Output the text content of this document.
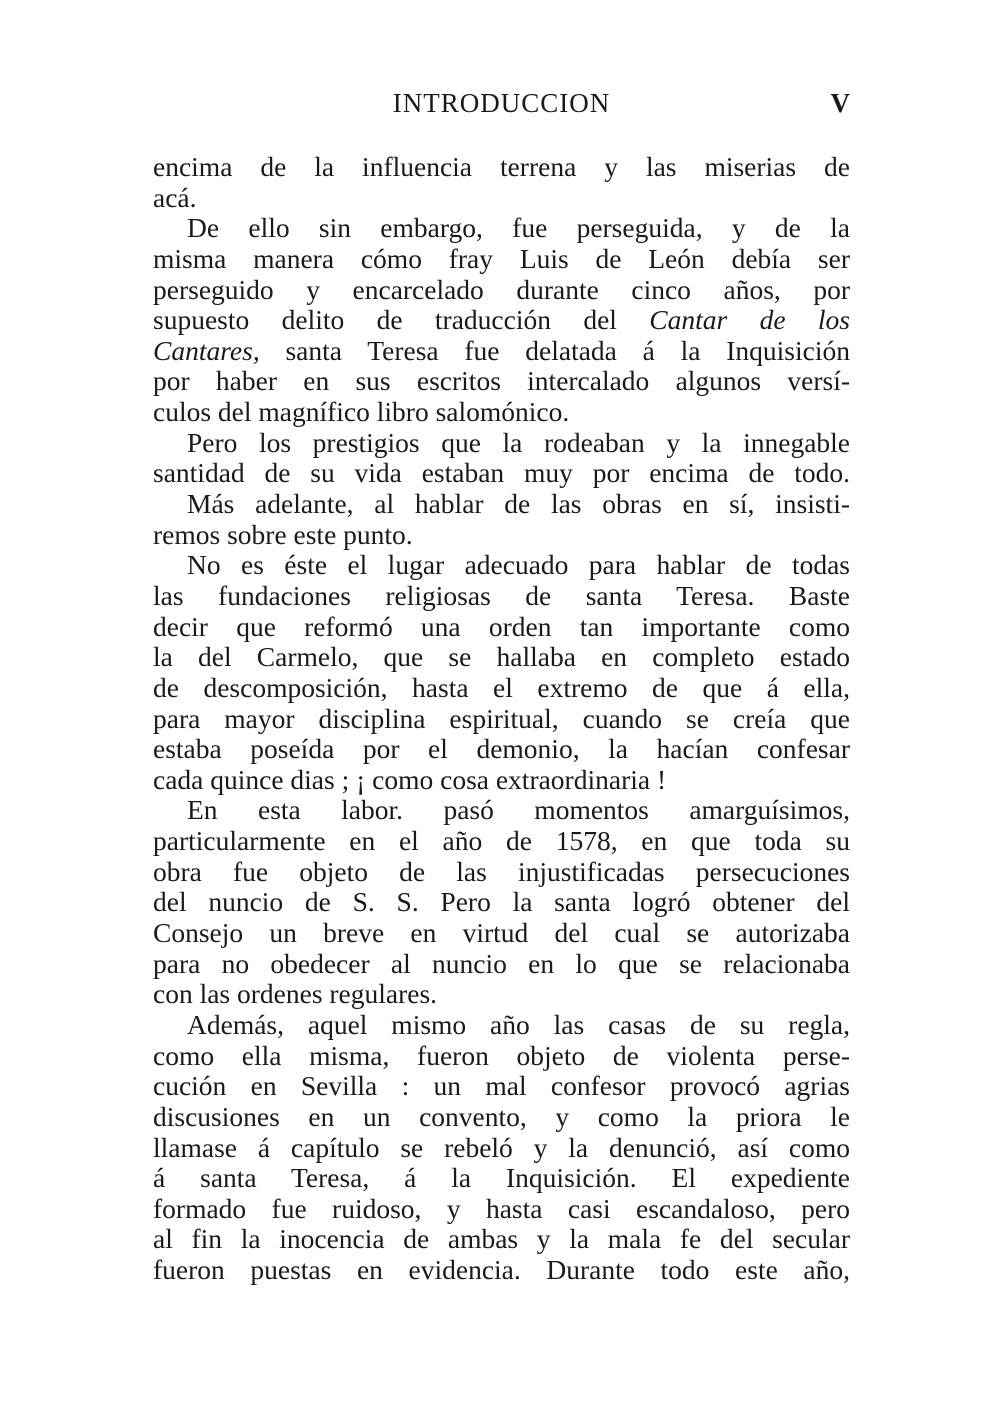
INTRODUCCION	V
encima de la influencia terrena y las miserias de
acá.
De ello sin embargo, fue perseguida, y de la
misma manera cómo fray Luis de León debía ser
perseguido y encarcelado durante cinco años, por
supuesto delito de traducción del Cantar de los
Cantares, santa Teresa fue delatada á la Inquisición
por haber en sus escritos intercalado algunos versí-
culos del magnífico libro salomónico.
Pero los prestigios que la rodeaban y la innegable
santidad de su vida estaban muy por encima de todo.
Más adelante, al hablar de las obras en sí, insisti-
remos sobre este punto.
No es éste el lugar adecuado para hablar de todas
las fundaciones religiosas de santa Teresa. Baste
decir que reformó una orden tan importante como
la del Carmelo, que se hallaba en completo estado
de descomposición, hasta el extremo de que á ella,
para mayor disciplina espiritual, cuando se creía que
estaba poseída por el demonio, la hacían confesar
cada quince dias ; ¡ como cosa extraordinaria !
En esta labor. pasó momentos amarguísimos,
particularmente en el año de 1578, en que toda su
obra fue objeto de las injustificadas persecuciones
del nuncio de S. S. Pero la santa logró obtener del
Consejo un breve en virtud del cual se autorizaba
para no obedecer al nuncio en lo que se relacionaba
con las ordenes regulares.
Además, aquel mismo año las casas de su regla,
como ella misma, fueron objeto de violenta perse-
cución en Sevilla : un mal confesor provocó agrias
discusiones en un convento, y como la priora le
llamase á capítulo se rebeló y la denunció, así como
á santa Teresa, á la Inquisición. El expediente
formado fue ruidoso, y hasta casi escandaloso, pero
al fin la inocencia de ambas y la mala fe del secular
fueron puestas en evidencia. Durante todo este año,
